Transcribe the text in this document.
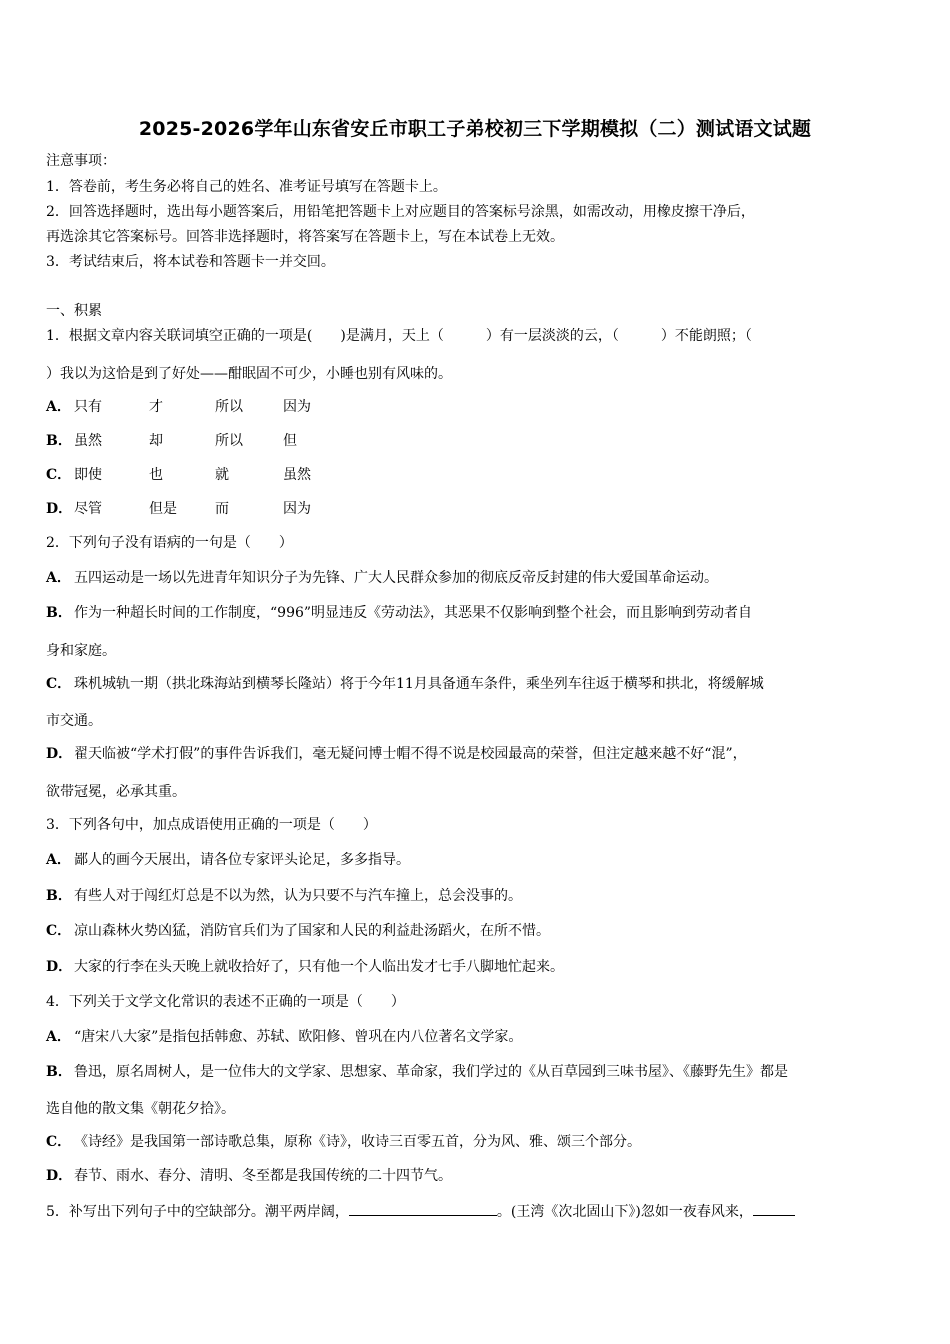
2025-2026学年山东省安丘市职工子弟校初三下学期模拟（二）测试语文试题
注意事项：
1．答卷前，考生务必将自己的姓名、准考证号填写在答题卡上。
2．回答选择题时，选出每小题答案后，用铅笔把答题卡上对应题目的答案标号涂黑，如需改动，用橡皮擦干净后，
再选涂其它答案标号。回答非选择题时，将答案写在答题卡上，写在本试卷上无效。
3．考试结束后，将本试卷和答题卡一并交回。
一、积累
1．根据文章内容关联词填空正确的一项是(　　)是满月，天上（　　　）有一层淡淡的云，（　　　）不能朗照；（
）我以为这恰是到了好处——酣眠固不可少，小睡也别有风味的。
A． 只有	才	所以	因为
B． 虽然	却	所以	但
C． 即使	也	就	虽然
D． 尽管	但是	而	因为
2．下列句子没有语病的一句是（　　）
A． 五四运动是一场以先进青年知识分子为先锋、广大人民群众参加的彻底反帝反封建的伟大爱国革命运动。
B． 作为一种超长时间的工作制度，“996”明显违反《劳动法》，其恶果不仅影响到整个社会，而且影响到劳动者自
身和家庭。
C． 珠机城轨一期（拱北珠海站到横琴长隆站）将于今年11月具备通车条件，乘坐列车往返于横琴和拱北，将缓解城
市交通。
D． 翟天临被“学术打假”的事件告诉我们，毫无疑问博士帽不得不说是校园最高的荣誉，但注定越来越不好“混”，
欲带冠冕，必承其重。
3．下列各句中，加点成语使用正确的一项是（　　）
A． 鄙人的画今天展出，请各位专家评头论足，多多指导。
B． 有些人对于闯红灯总是不以为然，认为只要不与汽车撞上，总会没事的。
C． 凉山森林火势凶猛，消防官兵们为了国家和人民的利益赴汤蹈火，在所不惜。
D． 大家的行李在头天晚上就收拾好了，只有他一个人临出发才七手八脚地忙起来。
4．下列关于文学文化常识的表述不正确的一项是（　　）
A． “唐宋八大家”是指包括韩愈、苏轼、欧阳修、曾巩在内八位著名文学家。
B． 鲁迅，原名周树人，是一位伟大的文学家、思想家、革命家，我们学过的《从百草园到三味书屋》、《藤野先生》都是
选自他的散文集《朝花夕拾》。
C． 《诗经》是我国第一部诗歌总集，原称《诗》，收诗三百零五首，分为风、雅、颂三个部分。
D． 春节、雨水、春分、清明、冬至都是我国传统的二十四节气。
5．补写出下列句子中的空缺部分。潮平两岸阔，	。(王湾《次北固山下》)忽如一夜春风来，
